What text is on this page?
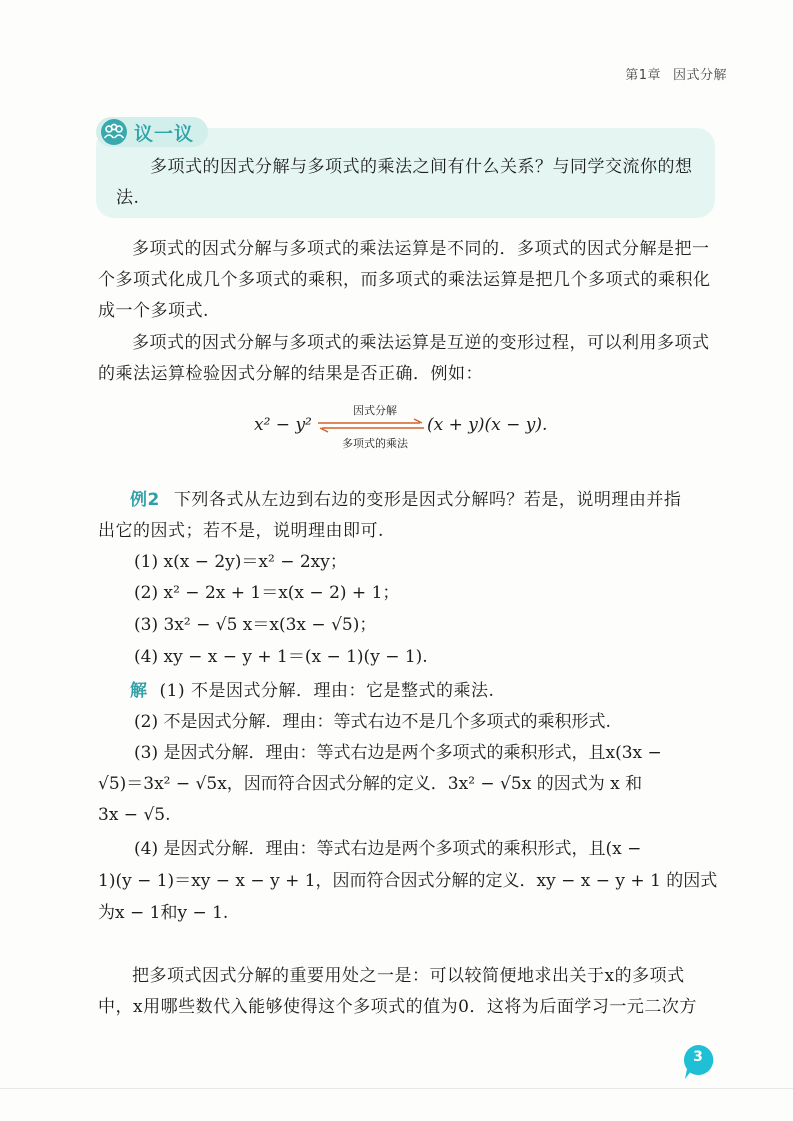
第1章 因式分解
议一议
多项式的因式分解与多项式的乘法之间有什么关系？与同学交流你的想法.
多项式的因式分解与多项式的乘法运算是不同的．多项式的因式分解是把一个多项式化成几个多项式的乘积，而多项式的乘法运算是把几个多项式的乘积化成一个多项式.
多项式的因式分解与多项式的乘法运算是互逆的变形过程，可以利用多项式的乘法运算检验因式分解的结果是否正确．例如：
x² − y²
因式分解
多项式的乘法
(x + y)(x − y).
例2 下列各式从左边到右边的变形是因式分解吗？若是，说明理由并指
出它的因式；若不是，说明理由即可.
(1) x(x − 2y)＝x² − 2xy；
(2) x² − 2x + 1＝x(x − 2) + 1；
(3) 3x² − √5 x＝x(3x − √5)；
(4) xy − x − y + 1＝(x − 1)(y − 1).
解 (1) 不是因式分解．理由：它是整式的乘法.
(2) 不是因式分解．理由：等式右边不是几个多项式的乘积形式.
(3) 是因式分解．理由：等式右边是两个多项式的乘积形式，且x(3x −
√5)＝3x² − √5x，因而符合因式分解的定义．3x² − √5x 的因式为 x 和
3x − √5.
(4) 是因式分解．理由：等式右边是两个多项式的乘积形式，且(x −
1)(y − 1)＝xy − x − y + 1，因而符合因式分解的定义．xy − x − y + 1 的因式
为x − 1和y − 1.
把多项式因式分解的重要用处之一是：可以较简便地求出关于x的多项式
中，x用哪些数代入能够使得这个多项式的值为0．这将为后面学习一元二次方
3
